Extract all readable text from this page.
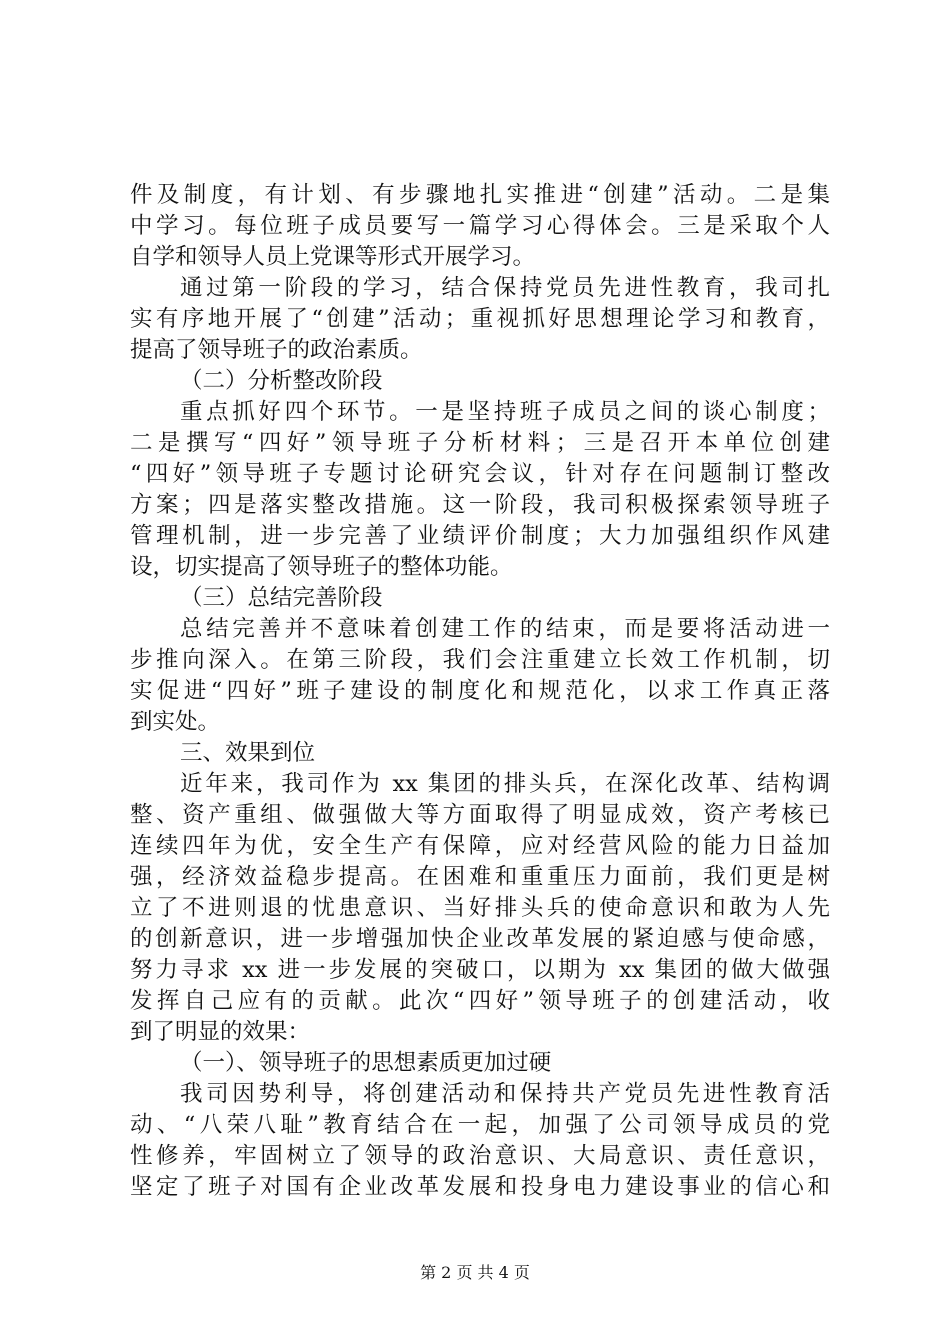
件及制度，有计划、有步骤地扎实推进“创建”活动。二是集
中学习。每位班子成员要写一篇学习心得体会。三是采取个人
自学和领导人员上党课等形式开展学习。
通过第一阶段的学习，结合保持党员先进性教育，我司扎
实有序地开展了“创建”活动；重视抓好思想理论学习和教育，
提高了领导班子的政治素质。
（二）分析整改阶段
重点抓好四个环节。一是坚持班子成员之间的谈心制度；
二是撰写“四好”领导班子分析材料；三是召开本单位创建
“四好”领导班子专题讨论研究会议，针对存在问题制订整改
方案；四是落实整改措施。这一阶段，我司积极探索领导班子
管理机制，进一步完善了业绩评价制度；大力加强组织作风建
设，切实提高了领导班子的整体功能。
（三）总结完善阶段
总结完善并不意味着创建工作的结束，而是要将活动进一
步推向深入。在第三阶段，我们会注重建立长效工作机制，切
实促进“四好”班子建设的制度化和规范化，以求工作真正落
到实处。
三、效果到位
近年来，我司作为 xx 集团的排头兵，在深化改革、结构调
整、资产重组、做强做大等方面取得了明显成效，资产考核已
连续四年为优，安全生产有保障，应对经营风险的能力日益加
强，经济效益稳步提高。在困难和重重压力面前，我们更是树
立了不进则退的忧患意识、当好排头兵的使命意识和敢为人先
的创新意识，进一步增强加快企业改革发展的紧迫感与使命感，
努力寻求 xx 进一步发展的突破口，以期为 xx 集团的做大做强
发挥自己应有的贡献。此次“四好”领导班子的创建活动，收
到了明显的效果：
（一）、领导班子的思想素质更加过硬
我司因势利导，将创建活动和保持共产党员先进性教育活
动、“八荣八耻”教育结合在一起，加强了公司领导成员的党
性修养，牢固树立了领导的政治意识、大局意识、责任意识，
坚定了班子对国有企业改革发展和投身电力建设事业的信心和
第 2 页 共 4 页
